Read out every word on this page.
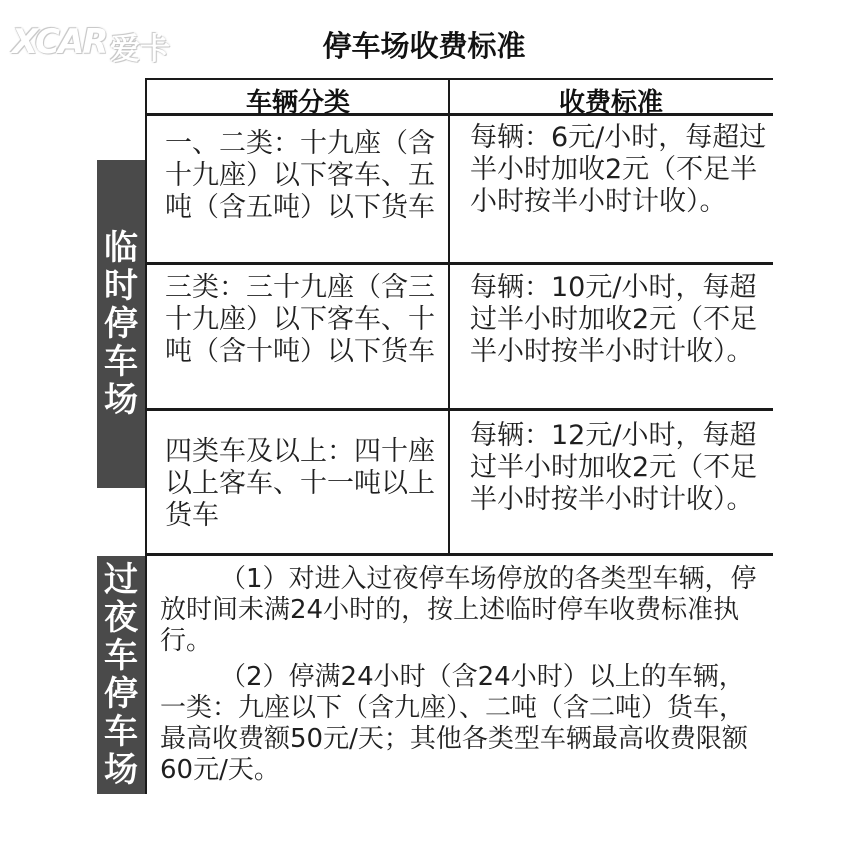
XCAR 爱卡	停车场收费标准
临
时
停
车
场
过
夜
车
停
车
场
车辆分类	收费标准
一、二类：十九座（含十九座）以下客车、五吨（含五吨）以下货车
每辆：6元/小时，每超过半小时加收2元（不足半小时按半小时计收）。
三类：三十九座（含三十九座）以下客车、十吨（含十吨）以下货车
每辆：10元/小时，每超过半小时加收2元（不足半小时按半小时计收）。
四类车及以上：四十座以上客车、十一吨以上货车
每辆：12元/小时，每超过半小时加收2元（不足半小时按半小时计收）。
（1）对进入过夜停车场停放的各类型车辆，停放时间未满24小时的，按上述临时停车收费标准执行。
（2）停满24小时（含24小时）以上的车辆，一类：九座以下（含九座）、二吨（含二吨）货车，最高收费额50元/天；其他各类型车辆最高收费限额60元/天。
